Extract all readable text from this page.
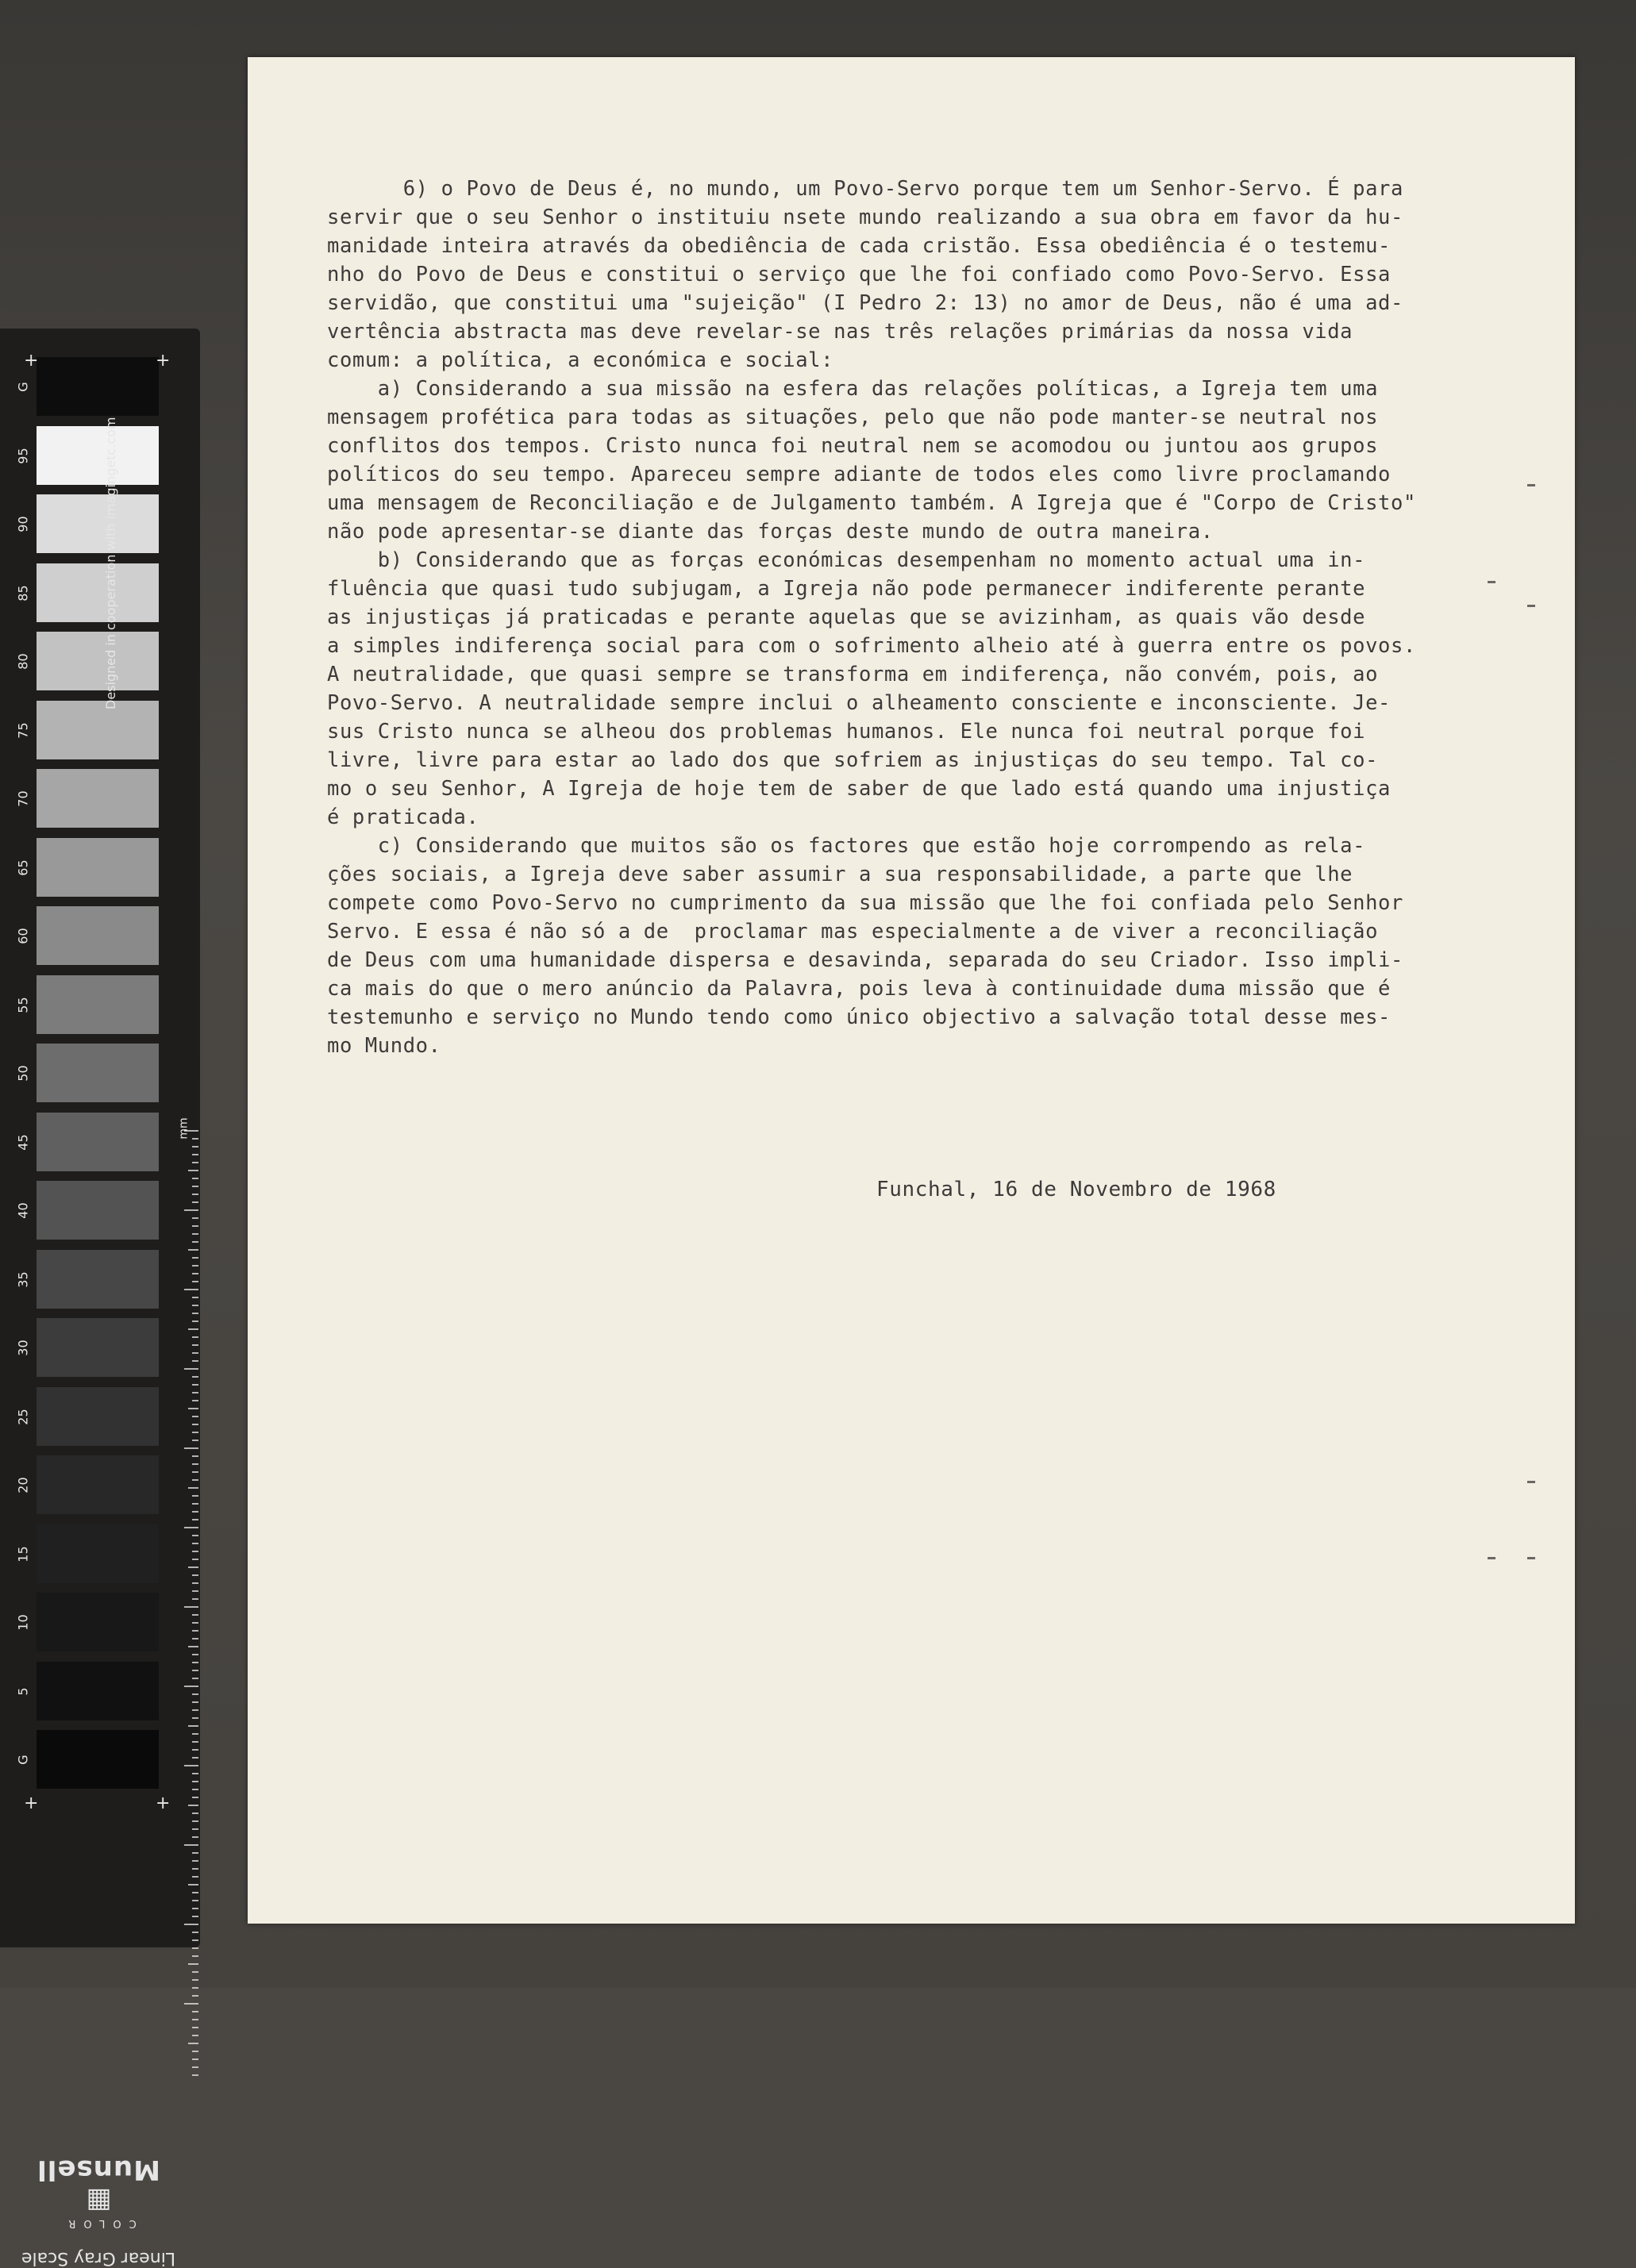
6) o Povo de Deus é, no mundo, um Povo-Servo porque tem um Senhor-Servo. É para
servir que o seu Senhor o instituiu nsete mundo realizando a sua obra em favor da hu-
manidade inteira através da obediência de cada cristão. Essa obediência é o testemu-
nho do Povo de Deus e constitui o serviço que lhe foi confiado como Povo-Servo. Essa
servidão, que constitui uma "sujeição" (I Pedro 2: 13) no amor de Deus, não é uma ad-
vertência abstracta mas deve revelar-se nas três relações primárias da nossa vida
comum: a política, a económica e social:
a) Considerando a sua missão na esfera das relações políticas, a Igreja tem uma
mensagem profética para todas as situações, pelo que não pode manter-se neutral nos
conflitos dos tempos. Cristo nunca foi neutral nem se acomodou ou juntou aos grupos
políticos do seu tempo. Apareceu sempre adiante de todos eles como livre proclamando
uma mensagem de Reconciliação e de Julgamento também. A Igreja que é "Corpo de Cristo"
não pode apresentar-se diante das forças deste mundo de outra maneira.
b) Considerando que as forças económicas desempenham no momento actual uma in-
fluência que quasi tudo subjugam, a Igreja não pode permanecer indiferente perante
as injustiças já praticadas e perante aquelas que se avizinham, as quais vão desde
a simples indiferença social para com o sofrimento alheio até à guerra entre os povos.
A neutralidade, que quasi sempre se transforma em indiferença, não convém, pois, ao
Povo-Servo. A neutralidade sempre inclui o alheamento consciente e inconsciente. Je-
sus Cristo nunca se alheou dos problemas humanos. Ele nunca foi neutral porque foi
livre, livre para estar ao lado dos que sofriem as injustiças do seu tempo. Tal co-
mo o seu Senhor, A Igreja de hoje tem de saber de que lado está quando uma injustiça
é praticada.
c) Considerando que muitos são os factores que estão hoje corrompendo as rela-
ções sociais, a Igreja deve saber assumir a sua responsabilidade, a parte que lhe
compete como Povo-Servo no cumprimento da sua missão que lhe foi confiada pelo Senhor
Servo. E essa é não só a de  proclamar mas especialmente a de viver a reconciliação
de Deus com uma humanidade dispersa e desavinda, separada do seu Criador. Isso impli-
ca mais do que o mero anúncio da Palavra, pois leva à continuidade duma missão que é
testemunho e serviço no Mundo tendo como único objectivo a salvação total desse mes-
mo Mundo.
Funchal, 16 de Novembro de 1968
G
95
90
85
80
75
70
65
60
55
50
45
40
35
30
25
20
15
10
5
G
+	+
+	+
Designed in cooperation with imagingetc.com
mm
Linear Gray Scale
COLOR
▦ Munsell
